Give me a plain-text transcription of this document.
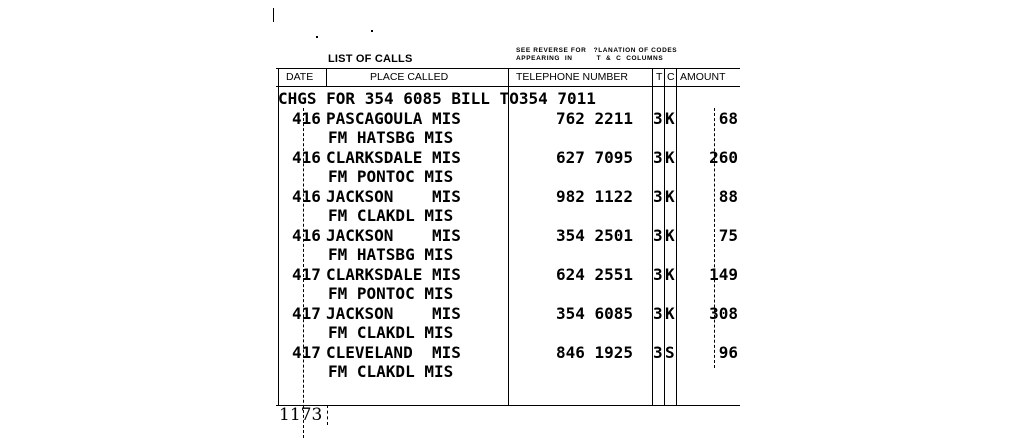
LIST OF CALLS
SEE REVERSE FOR   ?LANATION OF CODES
APPEARING  IN          T  &  C  COLUMNS
DATE	PLACE CALLED	TELEPHONE NUMBER	T C AMOUNT
CHGS FOR 354 6085 BILL TO354 7011
416 PASCAGOULA MIS	762 2211 3 K	68
FM HATSBG MIS
416 CLARKSDALE MIS	627 7095 3 K	260
FM PONTOC MIS
416 JACKSON    MIS	982 1122 3 K	88
FM CLAKDL MIS
416 JACKSON    MIS	354 2501 3 K	75
FM HATSBG MIS
417 CLARKSDALE MIS	624 2551 3 K	149
FM PONTOC MIS
417 JACKSON    MIS	354 6085 3 K	308
FM CLAKDL MIS
417 CLEVELAND  MIS	846 1925 3 S	96
FM CLAKDL MIS
1173
